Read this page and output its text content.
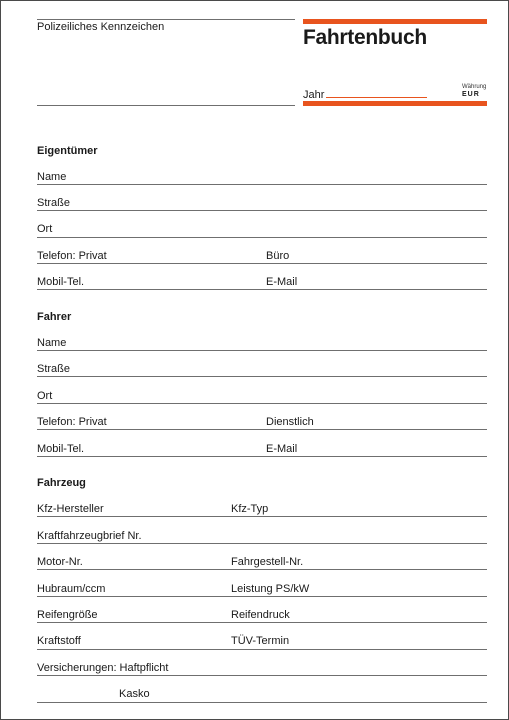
Polizeiliches Kennzeichen	Fahrtenbuch
Jahr
Währung
EUR
Eigentümer
Name
Straße
Ort
Telefon: Privat	Büro
Mobil-Tel.	E-Mail
Fahrer
Name
Straße
Ort
Telefon: Privat	Dienstlich
Mobil-Tel.	E-Mail
Fahrzeug
Kfz-Hersteller	Kfz-Typ
Kraftfahrzeugbrief Nr.
Motor-Nr.	Fahrgestell-Nr.
Hubraum/ccm	Leistung PS/kW
Reifengröße	Reifendruck
Kraftstoff	TÜV-Termin
Versicherungen: Haftpflicht
Kasko
